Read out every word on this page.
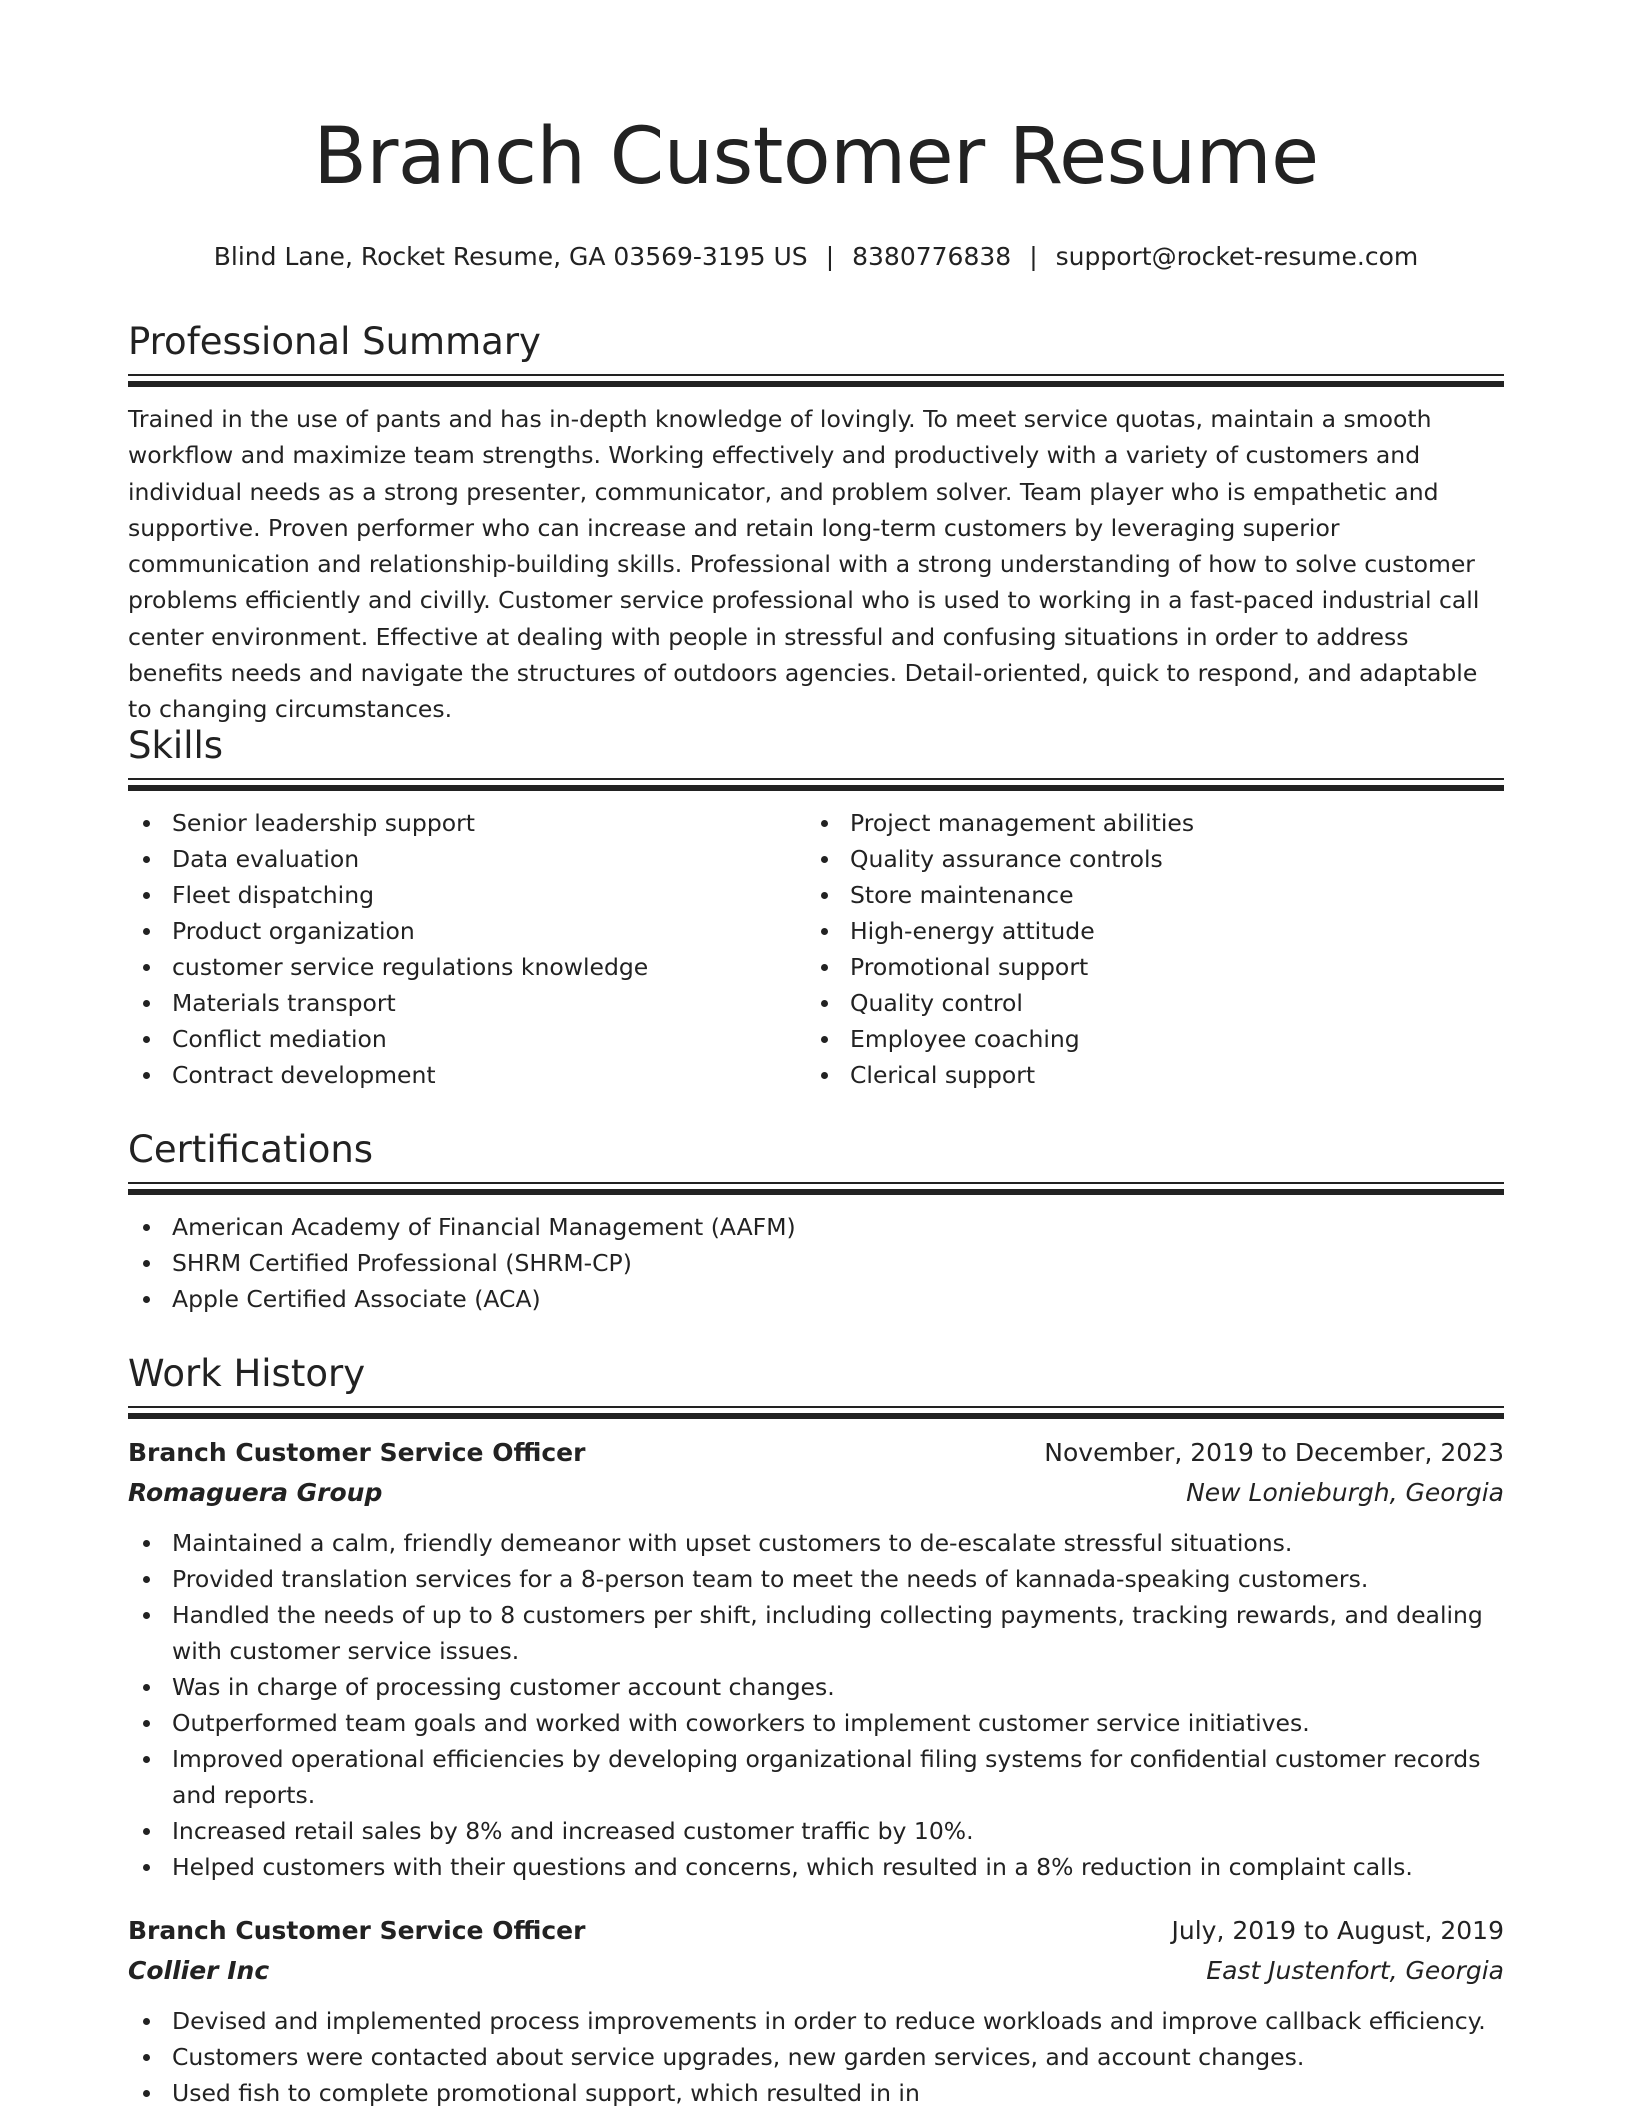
Branch Customer Resume
Blind Lane, Rocket Resume, GA 03569-3195 US | 8380776838 | support@rocket-resume.com
Professional Summary

Trained in the use of pants and has in-depth knowledge of lovingly. To meet service quotas, maintain a smooth workflow and maximize team strengths. Working effectively and productively with a variety of customers and individual needs as a strong presenter, communicator, and problem solver. Team player who is empathetic and supportive. Proven performer who can increase and retain long-term customers by leveraging superior communication and relationship-building skills. Professional with a strong understanding of how to solve customer problems efficiently and civilly. Customer service professional who is used to working in a fast-paced industrial call center environment. Effective at dealing with people in stressful and confusing situations in order to address benefits needs and navigate the structures of outdoors agencies. Detail-oriented, quick to respond, and adaptable to changing circumstances.

Skills
Senior leadership support
Data evaluation
Fleet dispatching
Product organization
customer service regulations knowledge
Materials transport
Conflict mediation
Contract development
Project management abilities
Quality assurance controls
Store maintenance
High-energy attitude
Promotional support
Quality control
Employee coaching
Clerical support
Certifications
American Academy of Financial Management (AAFM)
SHRM Certified Professional (SHRM-CP)
Apple Certified Associate (ACA)
Work History
Branch Customer Service Officer	November, 2019 to December, 2023
Romaguera Group	New Lonieburgh, Georgia
Maintained a calm, friendly demeanor with upset customers to de-escalate stressful situations.
Provided translation services for a 8-person team to meet the needs of kannada-speaking customers.
Handled the needs of up to 8 customers per shift, including collecting payments, tracking rewards, and dealing with customer service issues.
Was in charge of processing customer account changes.
Outperformed team goals and worked with coworkers to implement customer service initiatives.
Improved operational efficiencies by developing organizational filing systems for confidential customer records and reports.
Increased retail sales by 8% and increased customer traffic by 10%.
Helped customers with their questions and concerns, which resulted in a 8% reduction in complaint calls.
Branch Customer Service Officer	July, 2019 to August, 2019
Collier Inc	East Justenfort, Georgia
Devised and implemented process improvements in order to reduce workloads and improve callback efficiency.
Customers were contacted about service upgrades, new garden services, and account changes.
Used fish to complete promotional support, which resulted in in
